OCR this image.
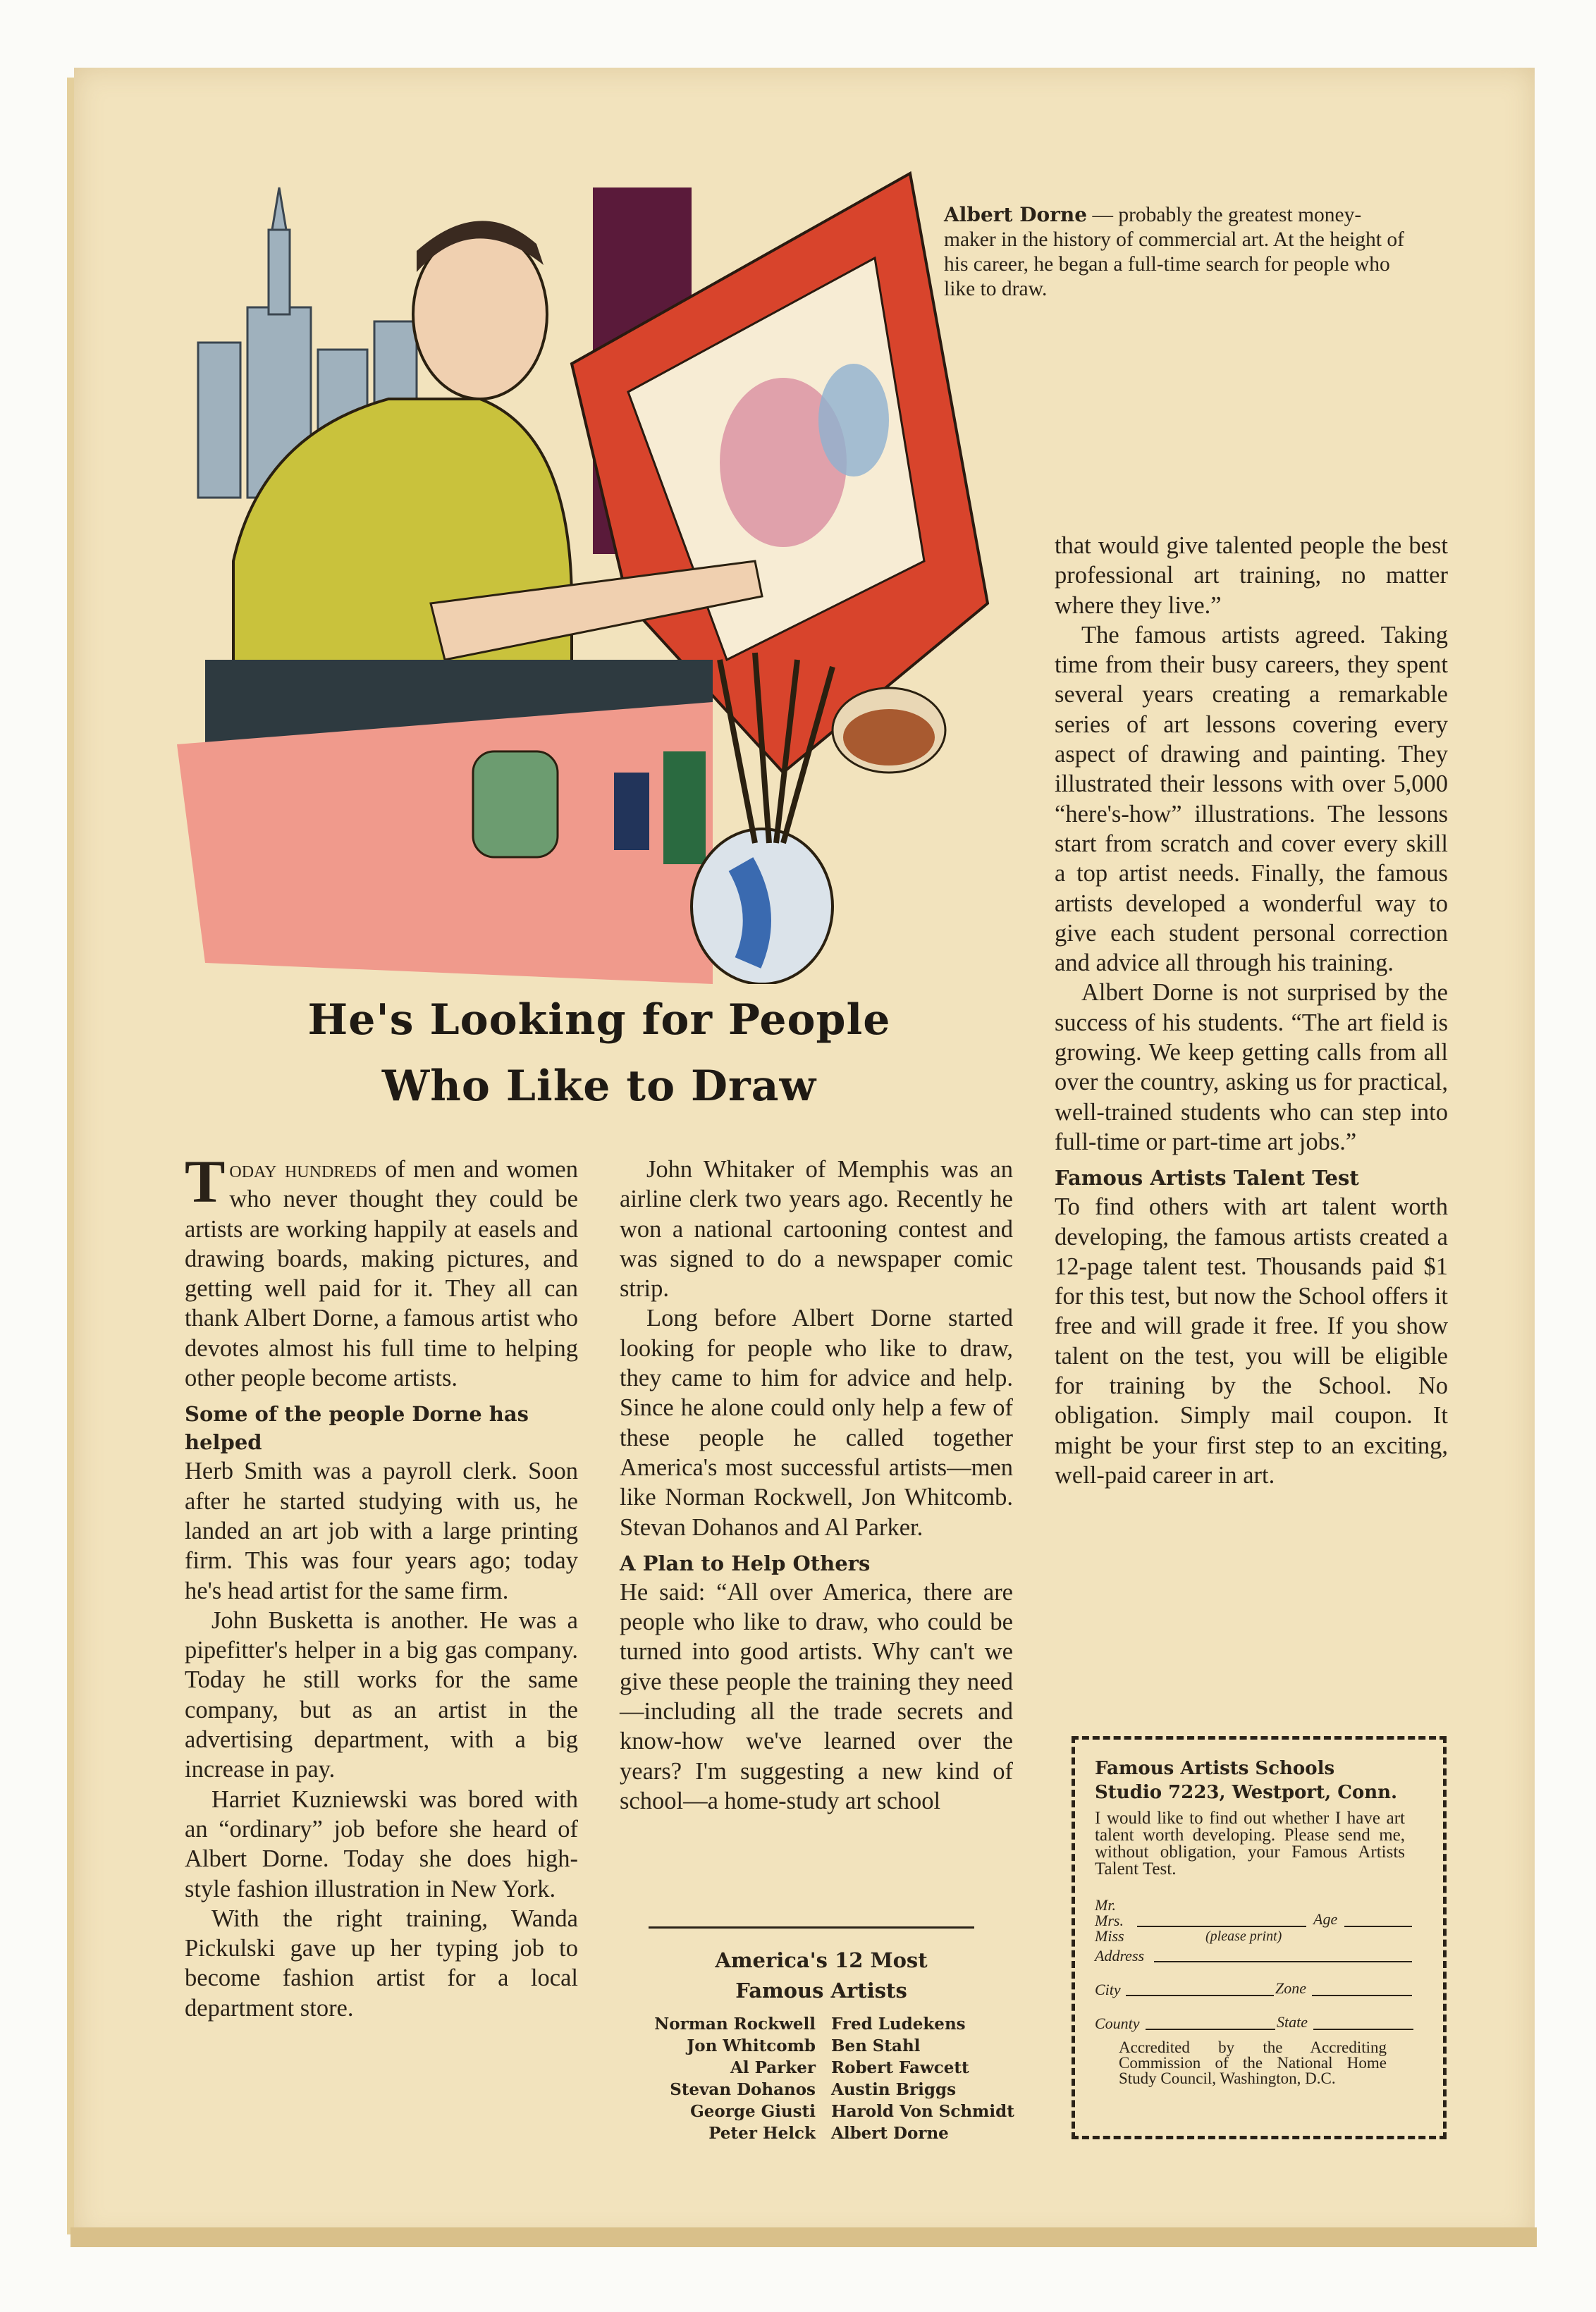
Albert Dorne — probably the greatest money-maker in the history of commercial art. At the height of his career, he began a full-time search for people who like to draw.
He's Looking for People
Who Like to Draw

Today hundreds of men and women who never thought they could be artists are working happily at easels and drawing boards, making pictures, and getting well paid for it. They all can thank Albert Dorne, a famous artist who devotes almost his full time to helping other people become artists.

Some of the people Dorne has helped

Herb Smith was a payroll clerk. Soon after he started studying with us, he landed an art job with a large printing firm. This was four years ago; today he's head artist for the same firm.

John Busketta is another. He was a pipefitter's helper in a big gas company. Today he still works for the same company, but as an artist in the advertising department, with a big increase in pay.

Harriet Kuzniewski was bored with an “ordinary” job before she heard of Albert Dorne. Today she does high-style fashion illustration in New York.

With the right training, Wanda Pickulski gave up her typing job to become fashion artist for a local department store.

John Whitaker of Memphis was an airline clerk two years ago. Recently he won a national cartooning contest and was signed to do a newspaper comic strip.

Long before Albert Dorne started looking for people who like to draw, they came to him for advice and help. Since he alone could only help a few of these people he called together America's most successful artists—men like Norman Rockwell, Jon Whitcomb. Stevan Dohanos and Al Parker.

A Plan to Help Others

He said: “All over America, there are people who like to draw, who could be turned into good artists. Why can't we give these people the training they need—including all the trade secrets and know-how we've learned over the years? I'm suggesting a new kind of school—a home-study art school

America's 12 Most
Famous Artists
Norman Rockwell Fred Ludekens
Jon Whitcomb Ben Stahl
Al Parker Robert Fawcett
Stevan Dohanos Austin Briggs
George Giusti Harold Von Schmidt
Peter Helck Albert Dorne

that would give talented people the best professional art training, no matter where they live.”

The famous artists agreed. Taking time from their busy careers, they spent several years creating a remarkable series of art lessons covering every aspect of drawing and painting. They illustrated their lessons with over 5,000 “here's-how” illustrations. The lessons start from scratch and cover every skill a top artist needs. Finally, the famous artists developed a wonderful way to give each student personal correction and advice all through his training.

Albert Dorne is not surprised by the success of his students. “The art field is growing. We keep getting calls from all over the country, asking us for practical, well-trained students who can step into full-time or part-time art jobs.”

Famous Artists Talent Test

To find others with art talent worth developing, the famous artists created a 12-page talent test. Thousands paid $1 for this test, but now the School offers it free and will grade it free. If you show talent on the test, you will be eligible for training by the School. No obligation. Simply mail coupon. It might be your first step to an exciting, well-paid career in art.

Famous Artists Schools
Studio 7223, Westport, Conn.
I would like to find out whether I have art talent worth developing. Please send me, without obligation, your Famous Artists Talent Test.
Mr.
Mrs.
Miss
Age
(please print)
Address
City	Zone
County	State
Accredited by the Accrediting Commission of the National Home Study Council, Washington, D.C.
